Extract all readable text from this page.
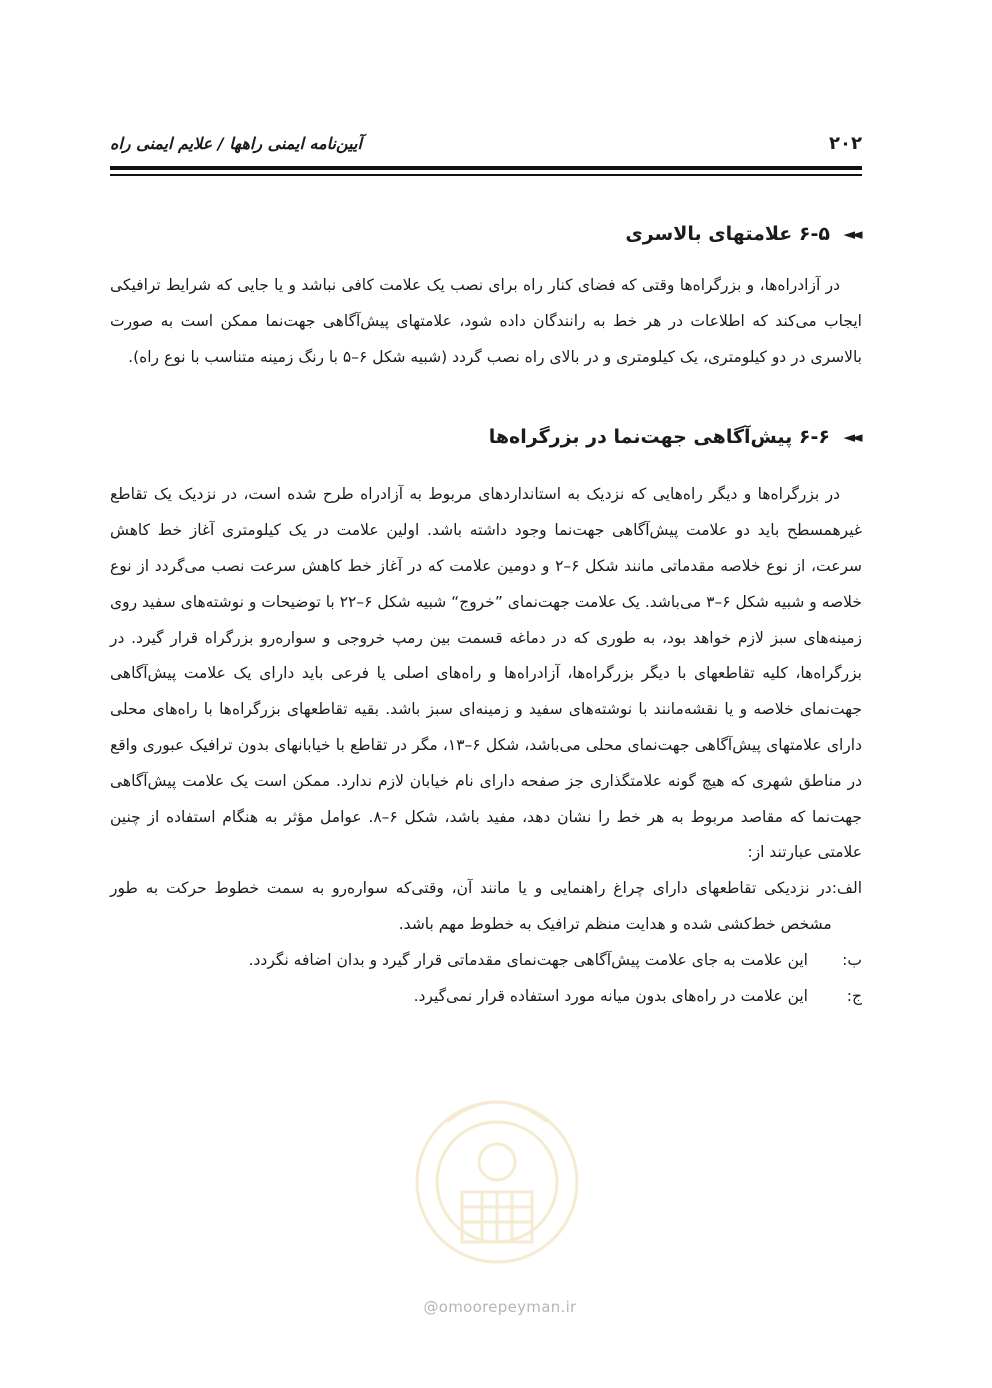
۲۰۲
آیین‌نامه ایمنی راهها / علایم ایمنی راه
◄◄
۶-۵ علامتهای بالاسری

در آزادراه‌ها، و بزرگراه‌ها وقتی که فضای کنار راه برای نصب یک علامت کافی نباشد و یا جایی که شرایط ترافیکی ایجاب می‌کند که اطلاعات در هر خط به رانندگان داده شود، علامتهای پیش‌آگاهی جهت‌نما ممکن است به صورت بالاسری در دو کیلومتری، یک کیلومتری و در بالای راه نصب گردد (شبیه شکل ۶–۵ با رنگ زمینه متناسب با نوع راه).

◄◄
۶-۶ پیش‌آگاهی جهت‌نما در بزرگراه‌ها

در بزرگراه‌ها و دیگر راه‌هایی که نزدیک به استانداردهای مربوط به آزادراه طرح شده است، در نزدیک یک تقاطع غیرهمسطح باید دو علامت پیش‌آگاهی جهت‌نما وجود داشته باشد. اولین علامت در یک کیلومتری آغاز خط کاهش سرعت، از نوع خلاصه مقدماتی مانند شکل ۶–۲ و دومین علامت که در آغاز خط کاهش سرعت نصب می‌گردد از نوع خلاصه و شبیه شکل ۶–۳ می‌باشد. یک علامت جهت‌نمای ”خروج“ شبیه شکل ۶–۲۲ با توضیحات و نوشته‌های سفید روی زمینه‌های سبز لازم خواهد بود، به طوری که در دماغه قسمت بین رمپ خروجی و سواره‌رو بزرگراه قرار گیرد. در بزرگراه‌ها، کلیه تقاطعهای با دیگر بزرگراه‌ها، آزادراه‌ها و راه‌های اصلی یا فرعی باید دارای یک علامت پیش‌آگاهی جهت‌نمای خلاصه و یا نقشه‌مانند با نوشته‌های سفید و زمینه‌ای سبز باشد. بقیه تقاطعهای بزرگراه‌ها با راه‌های محلی دارای علامتهای پیش‌آگاهی جهت‌نمای محلی می‌باشد، شکل ۶–۱۳، مگر در تقاطع با خیابانهای بدون ترافیک عبوری واقع در مناطق شهری که هیچ گونه علامتگذاری جز صفحه دارای نام خیابان لازم ندارد. ممکن است یک علامت پیش‌آگاهی جهت‌نما که مقاصد مربوط به هر خط را نشان دهد، مفید باشد، شکل ۶–۸. عوامل مؤثر به هنگام استفاده از چنین علامتی عبارتند از:

الف:
در نزدیکی تقاطعهای دارای چراغ راهنمایی و یا مانند آن، وقتی‌که سواره‌رو به سمت خطوط حرکت به طور مشخص خط‌کشی شده و هدایت منظم ترافیک به خطوط مهم باشد.
ب:
این علامت به جای علامت پیش‌آگاهی جهت‌نمای مقدماتی قرار گیرد و بدان اضافه نگردد.
ج:
این علامت در راه‌های بدون میانه مورد استفاده قرار نمی‌گیرد.
@omoorepeyman.ir
